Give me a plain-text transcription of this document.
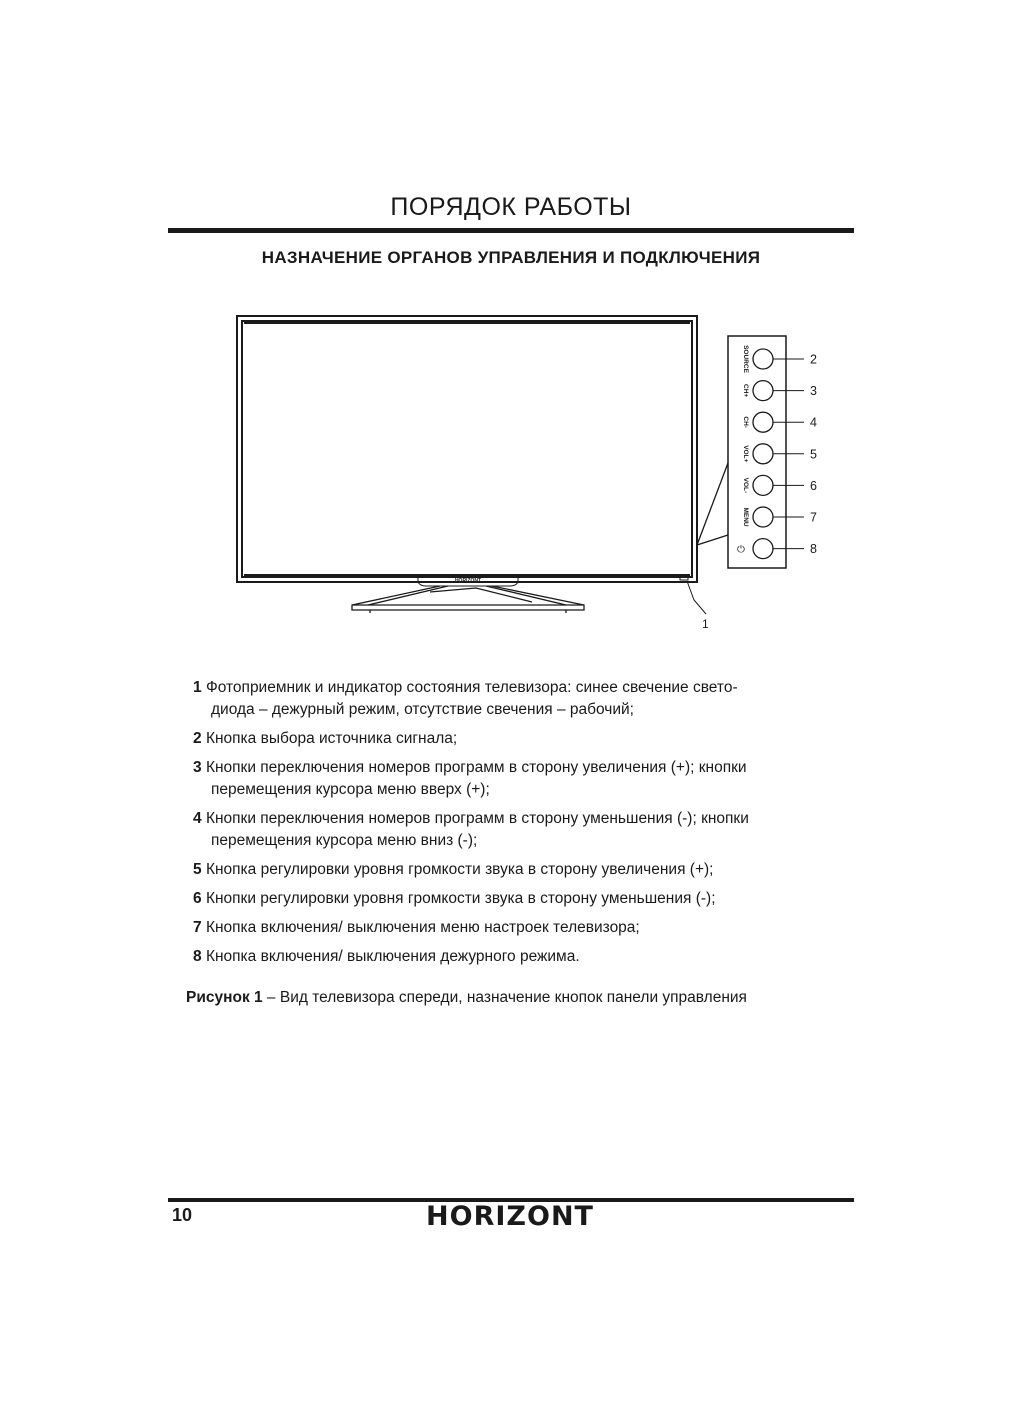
ПОРЯДОК РАБОТЫ
НАЗНАЧЕНИЕ ОРГАНОВ УПРАВЛЕНИЯ И ПОДКЛЮЧЕНИЯ
HORIZONT
1
SOURCE	2
CH+	3
CH-	4
VOL+	5
VOL-	6
MENU	7
⏻	8
1 Фотоприемник и индикатор состояния телевизора: синее свечение свето-
диода – дежурный режим, отсутствие свечения – рабочий;
2 Кнопка выбора источника сигнала;
3 Кнопки переключения номеров программ в сторону увеличения (+); кнопки
перемещения курсора меню вверх (+);
4 Кнопки переключения номеров программ в сторону уменьшения (-); кнопки
перемещения курсора меню вниз (-);
5 Кнопка регулировки уровня громкости звука в сторону увеличения (+);
6 Кнопки регулировки уровня громкости звука в сторону уменьшения (-);
7 Кнопка включения/ выключения меню настроек телевизора;
8 Кнопка включения/ выключения дежурного режима.
Рисунок 1 – Вид телевизора спереди, назначение кнопок панели управления
10	HORIZONT
